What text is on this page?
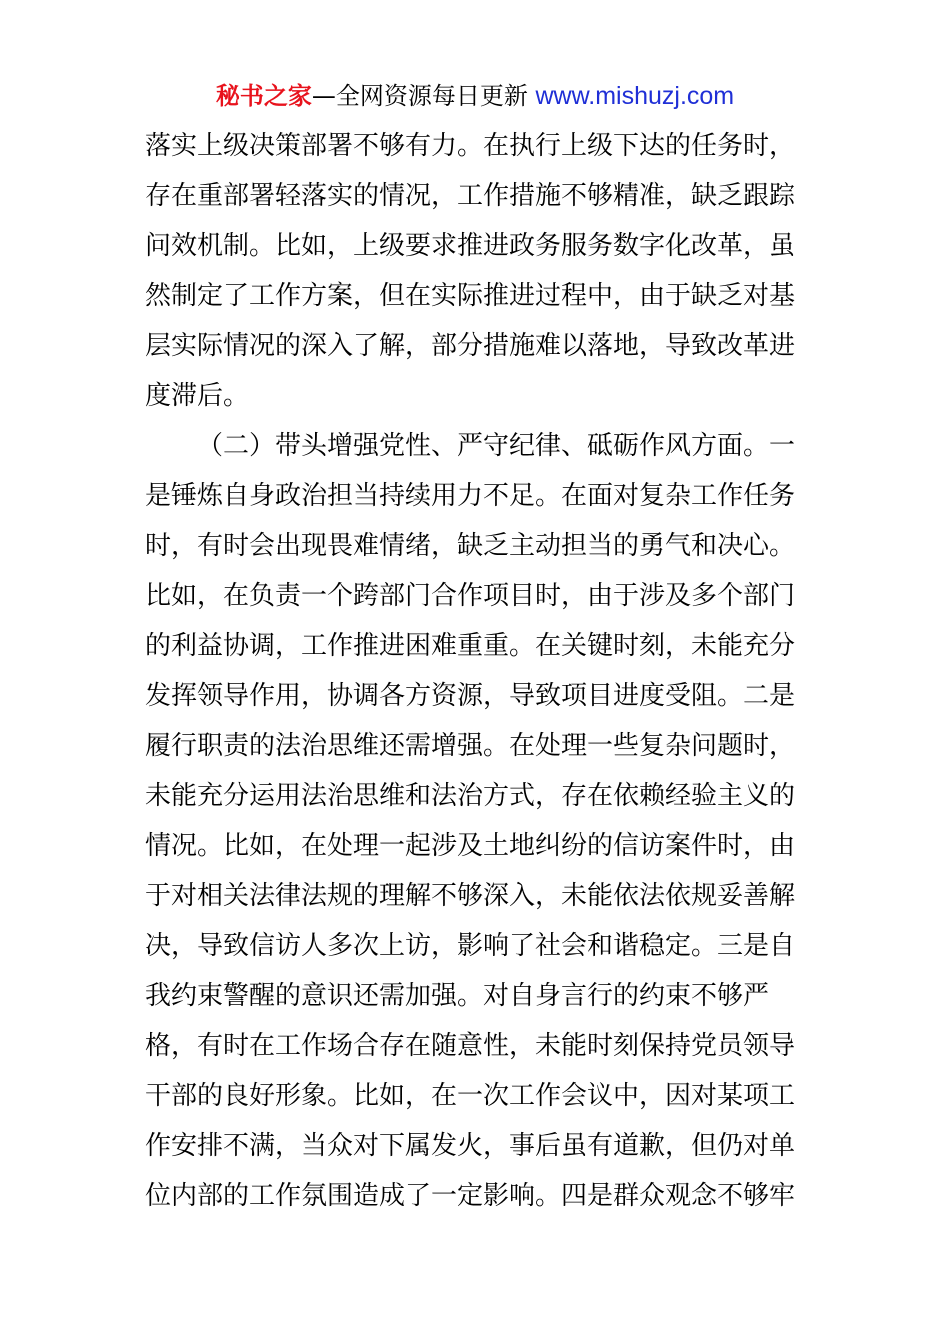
秘书之家—全网资源每日更新 www.mishuzj.com
落实上级决策部署不够有力。在执行上级下达的任务时，
存在重部署轻落实的情况，工作措施不够精准，缺乏跟踪
问效机制。比如，上级要求推进政务服务数字化改革，虽
然制定了工作方案，但在实际推进过程中，由于缺乏对基
层实际情况的深入了解，部分措施难以落地，导致改革进
度滞后。
（二）带头增强党性、严守纪律、砥砺作风方面。一
是锤炼自身政治担当持续用力不足。在面对复杂工作任务
时，有时会出现畏难情绪，缺乏主动担当的勇气和决心。
比如，在负责一个跨部门合作项目时，由于涉及多个部门
的利益协调，工作推进困难重重。在关键时刻，未能充分
发挥领导作用，协调各方资源，导致项目进度受阻。二是
履行职责的法治思维还需增强。在处理一些复杂问题时，
未能充分运用法治思维和法治方式，存在依赖经验主义的
情况。比如，在处理一起涉及土地纠纷的信访案件时，由
于对相关法律法规的理解不够深入，未能依法依规妥善解
决，导致信访人多次上访，影响了社会和谐稳定。三是自
我约束警醒的意识还需加强。对自身言行的约束不够严
格，有时在工作场合存在随意性，未能时刻保持党员领导
干部的良好形象。比如，在一次工作会议中，因对某项工
作安排不满，当众对下属发火，事后虽有道歉，但仍对单
位内部的工作氛围造成了一定影响。四是群众观念不够牢
